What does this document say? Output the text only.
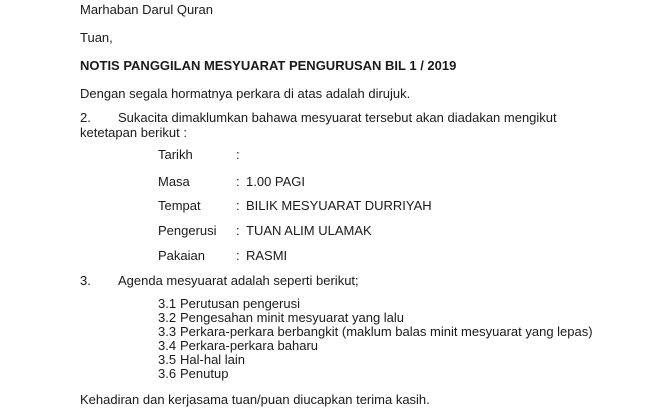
Marhaban Darul Quran
Tuan,
NOTIS PANGGILAN MESYUARAT PENGURUSAN BIL 1 / 2019
Dengan segala hormatnya perkara di atas adalah dirujuk.
2. Sukacita dimaklumkan bahawa mesyuarat tersebut akan diadakan mengikut
ketetapan berikut :
Tarikh	:
Masa	: 1.00 PAGI
Tempat	: BILIK MESYUARAT DURRIYAH
Pengerusi : TUAN ALIM ULAMAK
Pakaian : RASMI
3. Agenda mesyuarat adalah seperti berikut;
3.1 Perutusan pengerusi
3.2 Pengesahan minit mesyuarat yang lalu
3.3 Perkara-perkara berbangkit (maklum balas minit mesyuarat yang lepas)
3.4 Perkara-perkara baharu
3.5 Hal-hal lain
3.6 Penutup
Kehadiran dan kerjasama tuan/puan diucapkan terima kasih.
